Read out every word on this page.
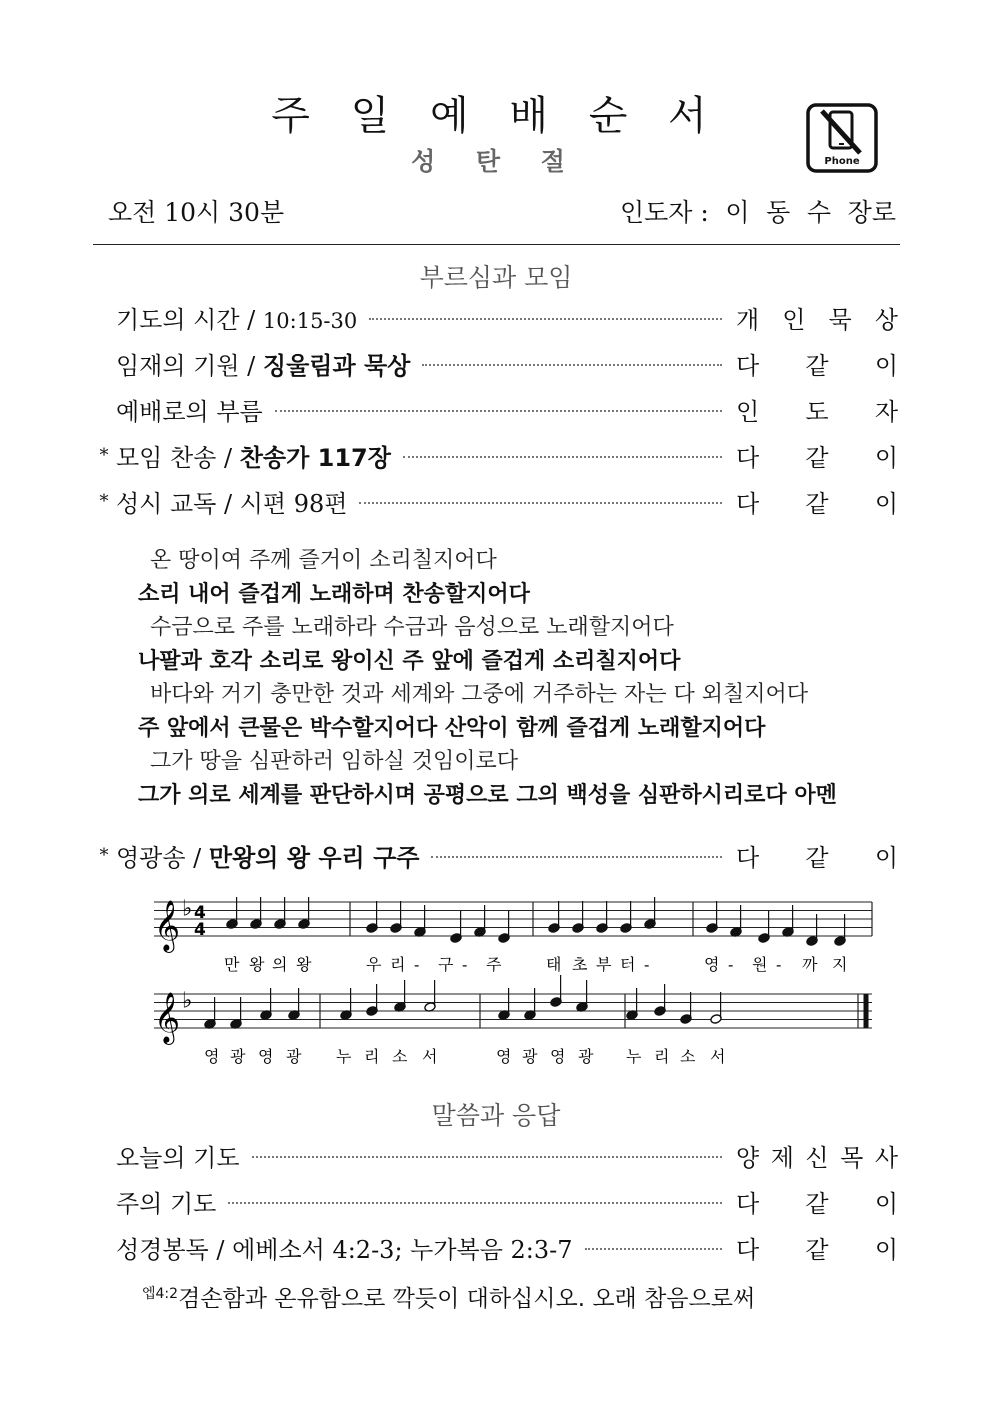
주 일 예 배 순 서
성 탄 절	Phone
오전 10시 30분	인도자 : 이 동 수 장로
부르심과 모임
말씀과 응답
기도의 시간 / 10:15-30	개 인 묵 상
임재의 기원 / 징울림과 묵상	다 같 이
예배로의 부름	인 도 자
* 모임 찬송 / 찬송가 117장	다 같 이
* 성시 교독 / 시편 98편	다 같 이
* 영광송 / 만왕의 왕 우리 구주	다 같 이
오늘의 기도	양 제 신 목 사
주의 기도	다 같 이
성경봉독 / 에베소서 4:2-3; 누가복음 2:3-7	다 같 이
온 땅이여 주께 즐거이 소리칠지어다
소리 내어 즐겁게 노래하며 찬송할지어다
수금으로 주를 노래하라 수금과 음성으로 노래할지어다
나팔과 호각 소리로 왕이신 주 앞에 즐겁게 소리칠지어다
바다와 거기 충만한 것과 세계와 그중에 거주하는 자는 다 외칠지어다
주 앞에서 큰물은 박수할지어다 산악이 함께 즐겁게 노래할지어다
그가 땅을 심판하러 임하실 것임이로다
그가 의로 세계를 판단하시며 공평으로 그의 백성을 심판하시리로다 아멘
𝄞 ♭
𝄞 ♭
4
4
만 왕 의 왕	우 리 - 구 - 주	태 초 부 터 -	영 - 원 - 까 지
영 광 영 광 누 리 소 서	영 광 영 광 누 리 소 서
$^{엡4:2}$겸손함과 온유함으로 깍듯이 대하십시오. 오래 참음으로써
